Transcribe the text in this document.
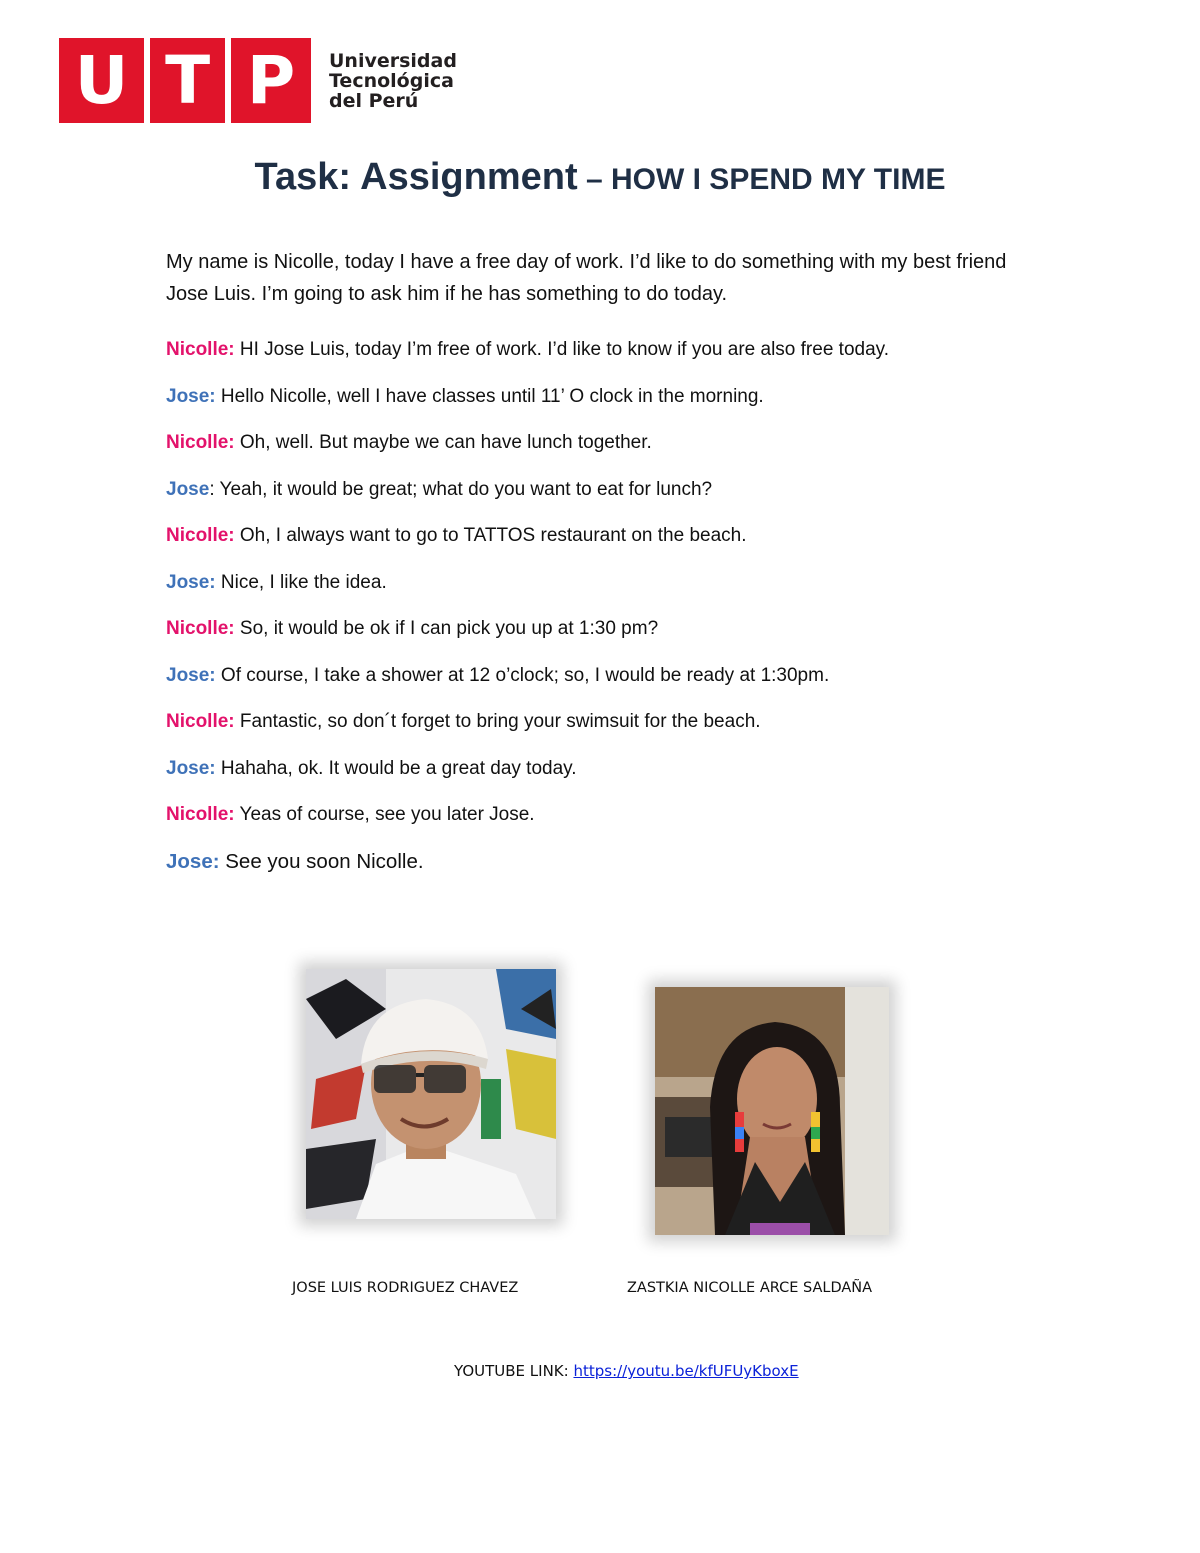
U T P Universidad
Tecnológica
del Perú
Task: Assignment – HOW I SPEND MY TIME
My name is Nicolle, today I have a free day of work. I’d like to do something with my best friend Jose Luis. I’m going to ask him if he has something to do today.
Nicolle: HI Jose Luis, today I’m free of work. I’d like to know if you are also free today.
Jose: Hello Nicolle, well I have classes until 11’ O clock in the morning.
Nicolle: Oh, well. But maybe we can have lunch together.
Jose: Yeah, it would be great; what do you want to eat for lunch?
Nicolle: Oh, I always want to go to TATTOS restaurant on the beach.
Jose: Nice, I like the idea.
Nicolle: So, it would be ok if I can pick you up at 1:30 pm?
Jose: Of course, I take a shower at 12 o’clock; so, I would be ready at 1:30pm.
Nicolle: Fantastic, so don´t forget to bring your swimsuit for the beach.
Jose: Hahaha, ok. It would be a great day today.
Nicolle: Yeas of course, see you later Jose.
Jose: See you soon Nicolle.
JOSE LUIS RODRIGUEZ CHAVEZ	ZASTKIA NICOLLE ARCE SALDAÑA
YOUTUBE LINK: https://youtu.be/kfUFUyKboxE
